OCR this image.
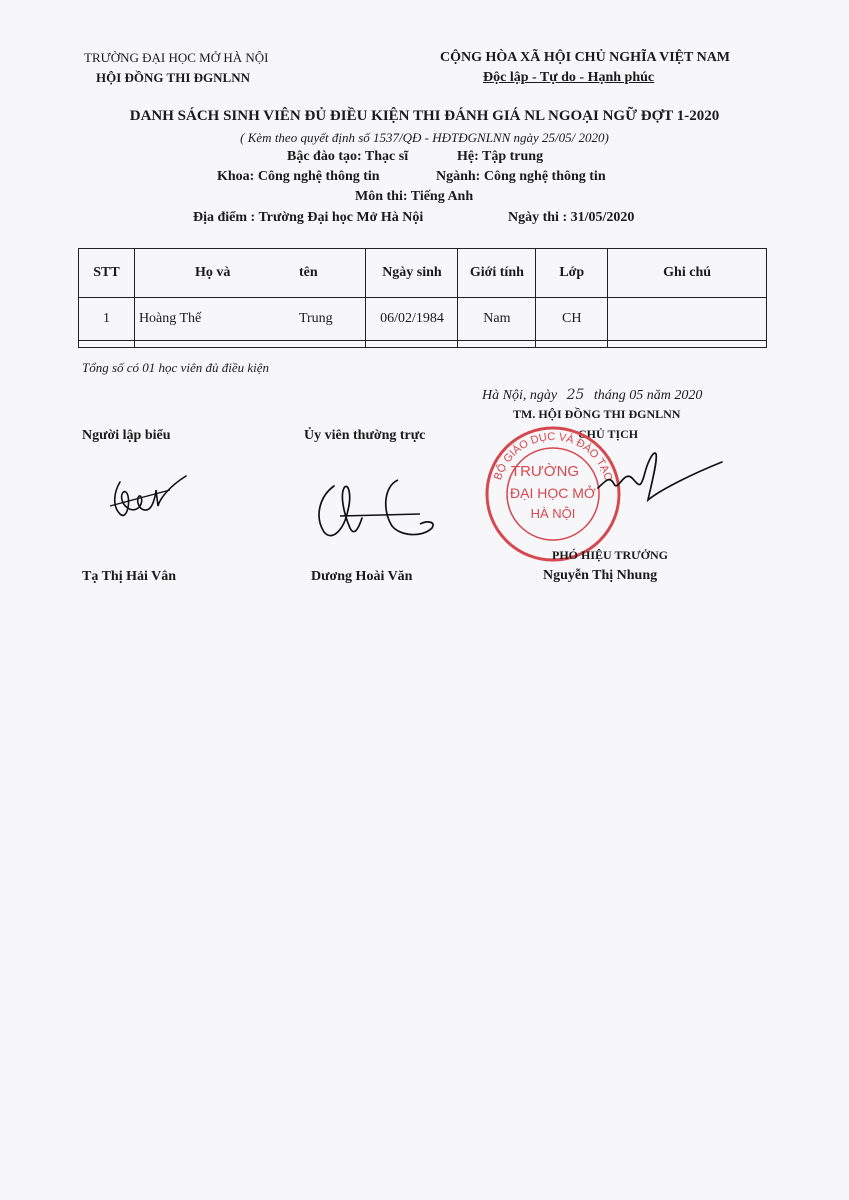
TRƯỜNG ĐẠI HỌC MỞ HÀ NỘI
HỘI ĐỒNG THI ĐGNLNN
CỘNG HÒA XÃ HỘI CHỦ NGHĨA VIỆT NAM
Độc lập - Tự do - Hạnh phúc
DANH SÁCH SINH VIÊN ĐỦ ĐIỀU KIỆN THI ĐÁNH GIÁ NL NGOẠI NGỮ ĐỢT 1-2020
( Kèm theo quyết định số 1537/QĐ - HĐTĐGNLNN ngày 25/05/ 2020)
Bậc đào tạo: Thạc sĩ	Hệ: Tập trung
Khoa: Công nghệ thông tin	Ngành: Công nghệ thông tin
Môn thi: Tiếng Anh
Địa điểm : Trường Đại học Mở Hà Nội	Ngày thi : 31/05/2020
STT	Họ và tên	Ngày sinh	Giới tính	Lớp	Ghi chú
1	Hoàng Thế Trung	06/02/1984	Nam	CH	

Tổng số có 01 học viên đủ điều kiện
Hà Nội, ngày 25 tháng 05 năm 2020
Người lập biểu	Ủy viên thường trực
TM. HỘI ĐỒNG THI ĐGNLNN
CHỦ TỊCH
BỘ GIÁO DỤC VÀ ĐÀO TẠO
TRƯỜNG
ĐẠI HỌC MỞ
HÀ NỘI
Tạ Thị Hải Vân	Dương Hoài Văn
PHÓ HIỆU TRƯỞNG
Nguyễn Thị Nhung
